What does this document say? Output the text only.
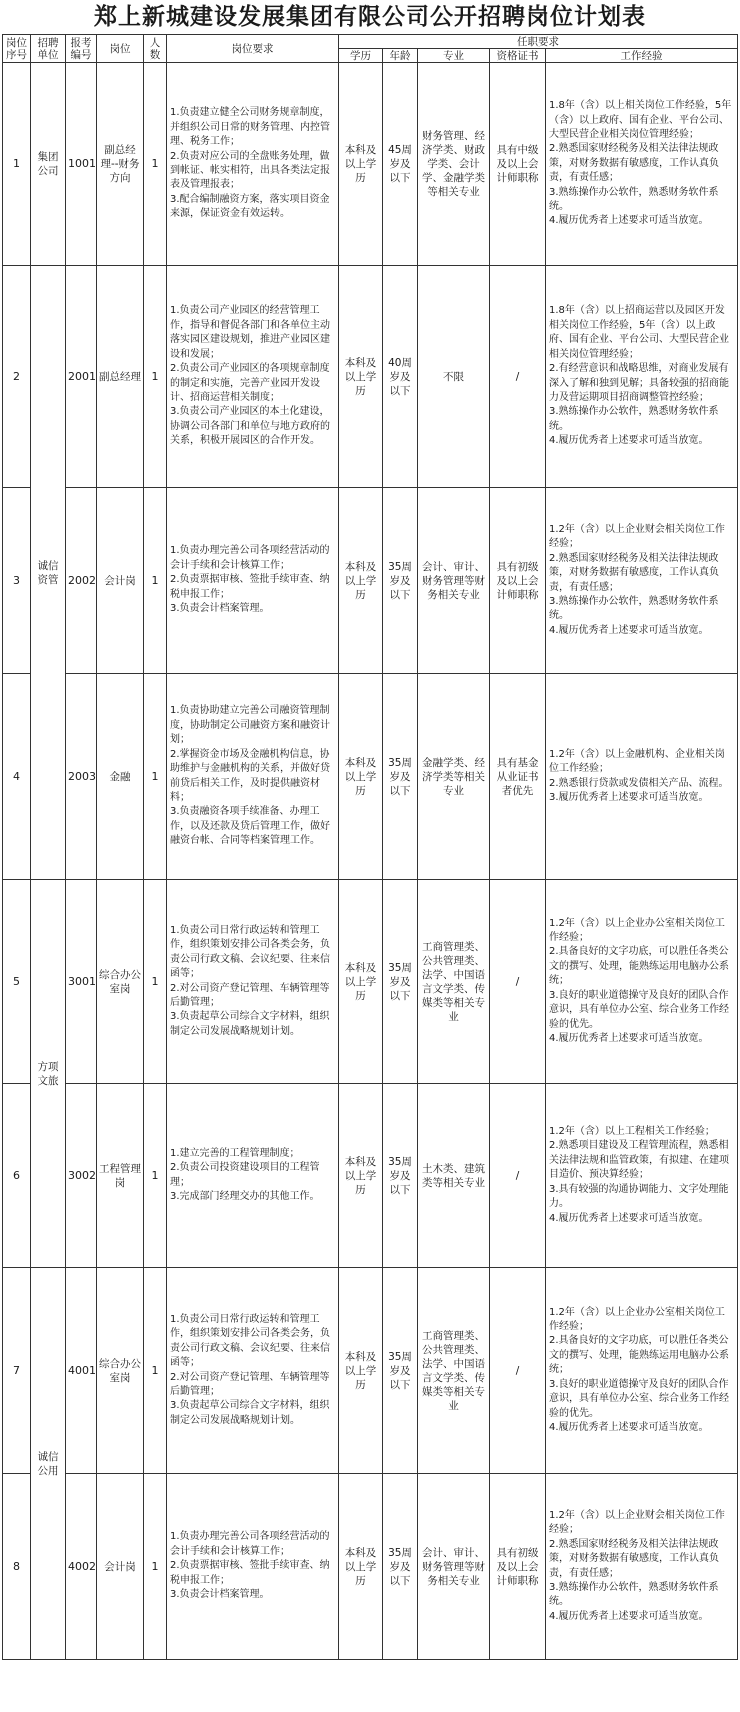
郑上新城建设发展集团有限公司公开招聘岗位计划表
岗位序号	招聘单位	报考编号	岗位	人数	岗位要求	任职要求				
						学历	年龄	专业	资格证书	工作经验
1	集团公司	1001	副总经理--财务方向	1	1.负责建立健全公司财务规章制度，并组织公司日常的财务管理、内控管理、税务工作；
2.负责对应公司的全盘账务处理，做到帐证、帐实相符，出具各类法定报表及管理报表；
3.配合编制融资方案，落实项目资金来源，保证资金有效运转。	本科及以上学历	45周岁及以下	财务管理、经济学类、财政学类、会计学、金融学类等相关专业	具有中级及以上会计师职称	1.8年（含）以上相关岗位工作经验，5年（含）以上政府、国有企业、平台公司、大型民营企业相关岗位管理经验；
2.熟悉国家财经税务及相关法律法规政策，对财务数据有敏感度，工作认真负责，有责任感；
3.熟练操作办公软件，熟悉财务软件系统。
4.履历优秀者上述要求可适当放宽。

2	诚信资管	2001	副总经理	1	1.负责公司产业园区的经营管理工作，指导和督促各部门和各单位主动落实园区建设规划，推进产业园区建设和发展；
2.负责公司产业园区的各项规章制度的制定和实施，完善产业园开发设计、招商运营相关制度；
3.负责公司产业园区的本土化建设，协调公司各部门和单位与地方政府的关系，积极开展园区的合作开发。	本科及以上学历	40周岁及以下	不限	/	1.8年（含）以上招商运营以及园区开发相关岗位工作经验，5年（含）以上政府、国有企业、平台公司、大型民营企业相关岗位管理经验；
2.有经营意识和战略思维，对商业发展有深入了解和独到见解；具备较强的招商能力及营运期项目招商调整管控经验；
3.熟练操作办公软件，熟悉财务软件系统。
4.履历优秀者上述要求可适当放宽。

3		2002	会计岗	1	1.负责办理完善公司各项经营活动的会计手续和会计核算工作；
2.负责票据审核、签批手续审查、纳税申报工作；
3.负责会计档案管理。	本科及以上学历	35周岁及以下	会计、审计、财务管理等财务相关专业	具有初级及以上会计师职称	1.2年（含）以上企业财会相关岗位工作经验；
2.熟悉国家财经税务及相关法律法规政策，对财务数据有敏感度，工作认真负责，有责任感；
3.熟练操作办公软件，熟悉财务软件系统。
4.履历优秀者上述要求可适当放宽。

4		2003	金融	1	1.负责协助建立完善公司融资管理制度，协助制定公司融资方案和融资计划；
2.掌握资金市场及金融机构信息，协助维护与金融机构的关系，并做好贷前贷后相关工作，及时提供融资材料；
3.负责融资各项手续准备、办理工作，以及还款及贷后管理工作，做好融资台帐、合同等档案管理工作。	本科及以上学历	35周岁及以下	金融学类、经济学类等相关专业	具有基金从业证书者优先	1.2年（含）以上金融机构、企业相关岗位工作经验；
2.熟悉银行贷款或发债相关产品、流程。
3.履历优秀者上述要求可适当放宽。

5	方项文旅	3001	综合办公室岗	1	1.负责公司日常行政运转和管理工作，组织策划安排公司各类会务，负责公司行政文稿、会议纪要、往来信函等；
2.对公司资产登记管理、车辆管理等后勤管理；
3.负责起草公司综合文字材料，组织制定公司发展战略规划计划。	本科及以上学历	35周岁及以下	工商管理类、公共管理类、法学、中国语言文学类、传媒类等相关专业	/	1.2年（含）以上企业办公室相关岗位工作经验；
2.具备良好的文字功底，可以胜任各类公文的撰写、处理，能熟练运用电脑办公系统；
3.良好的职业道德操守及良好的团队合作意识，具有单位办公室、综合业务工作经验的优先。
4.履历优秀者上述要求可适当放宽。

6		3002	工程管理岗	1	1.建立完善的工程管理制度；
2.负责公司投资建设项目的工程管理；
3.完成部门经理交办的其他工作。	本科及以上学历	35周岁及以下	土木类、建筑类等相关专业	/	1.2年（含）以上工程相关工作经验；
2.熟悉项目建设及工程管理流程，熟悉相关法律法规和监管政策，有拟建、在建项目造价、预决算经验；
3.具有较强的沟通协调能力、文字处理能力。
4.履历优秀者上述要求可适当放宽。

7	诚信公用	4001	综合办公室岗	1	1.负责公司日常行政运转和管理工作，组织策划安排公司各类会务，负责公司行政文稿、会议纪要、往来信函等；
2.对公司资产登记管理、车辆管理等后勤管理；
3.负责起草公司综合文字材料，组织制定公司发展战略规划计划。	本科及以上学历	35周岁及以下	工商管理类、公共管理类、法学、中国语言文学类、传媒类等相关专业	/	1.2年（含）以上企业办公室相关岗位工作经验；
2.具备良好的文字功底，可以胜任各类公文的撰写、处理，能熟练运用电脑办公系统；
3.良好的职业道德操守及良好的团队合作意识，具有单位办公室、综合业务工作经验的优先。
4.履历优秀者上述要求可适当放宽。

8		4002	会计岗	1	1.负责办理完善公司各项经营活动的会计手续和会计核算工作；
2.负责票据审核、签批手续审查、纳税申报工作；
3.负责会计档案管理。	本科及以上学历	35周岁及以下	会计、审计、财务管理等财务相关专业	具有初级及以上会计师职称	1.2年（含）以上企业财会相关岗位工作经验；
2.熟悉国家财经税务及相关法律法规政策，对财务数据有敏感度，工作认真负责，有责任感；
3.熟练操作办公软件，熟悉财务软件系统。
4.履历优秀者上述要求可适当放宽。
